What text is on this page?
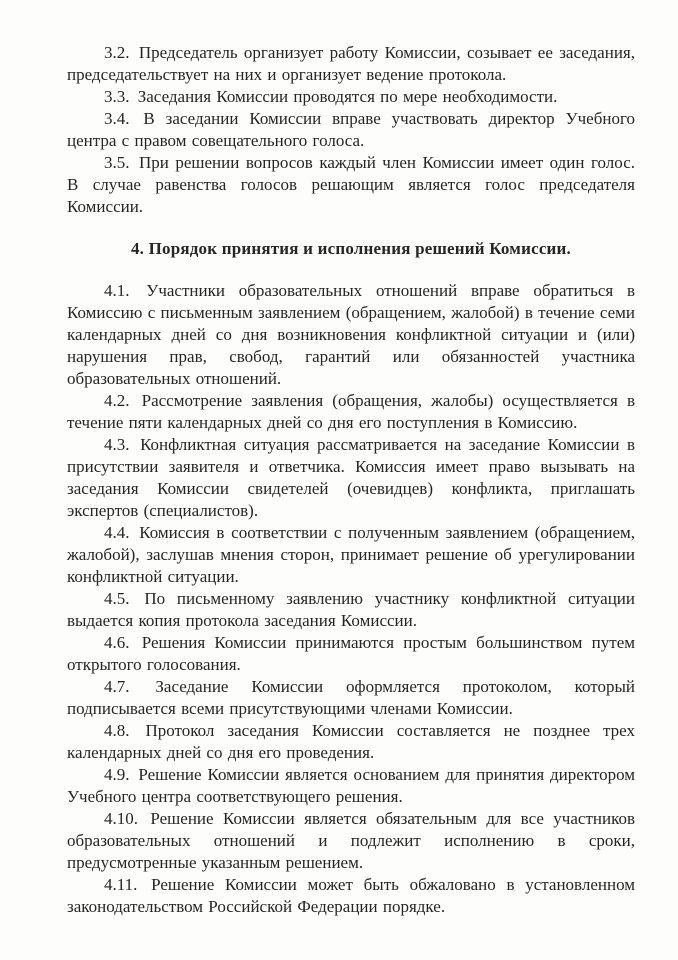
3.2. Председатель организует работу Комиссии, созывает ее заседания, председательствует на них и организует ведение протокола.

3.3. Заседания Комиссии проводятся по мере необходимости.

3.4. В заседании Комиссии вправе участвовать директор Учебного центра с правом совещательного голоса.

3.5. При решении вопросов каждый член Комиссии имеет один голос. В случае равенства голосов решающим является голос председателя Комиссии.

4. Порядок принятия и исполнения решений Комиссии.

4.1. Участники образовательных отношений вправе обратиться в Комиссию с письменным заявлением (обращением, жалобой) в течение семи календарных дней со дня возникновения конфликтной ситуации и (или) нарушения прав, свобод, гарантий или обязанностей участника образовательных отношений.

4.2. Рассмотрение заявления (обращения, жалобы) осуществляется в течение пяти календарных дней со дня его поступления в Комиссию.

4.3. Конфликтная ситуация рассматривается на заседание Комиссии в присутствии заявителя и ответчика. Комиссия имеет право вызывать на заседания Комиссии свидетелей (очевидцев) конфликта, приглашать экспертов (специалистов).

4.4. Комиссия в соответствии с полученным заявлением (обращением, жалобой), заслушав мнения сторон, принимает решение об урегулировании конфликтной ситуации.

4.5. По письменному заявлению участнику конфликтной ситуации выдается копия протокола заседания Комиссии.

4.6. Решения Комиссии принимаются простым большинством путем открытого голосования.

4.7. Заседание Комиссии оформляется протоколом, который подписывается всеми присутствующими членами Комиссии.

4.8. Протокол заседания Комиссии составляется не позднее трех календарных дней со дня его проведения.

4.9. Решение Комиссии является основанием для принятия директором Учебного центра соответствующего решения.

4.10. Решение Комиссии является обязательным для все участников образовательных отношений и подлежит исполнению в сроки, предусмотренные указанным решением.

4.11. Решение Комиссии может быть обжаловано в установленном законодательством Российской Федерации порядке.
